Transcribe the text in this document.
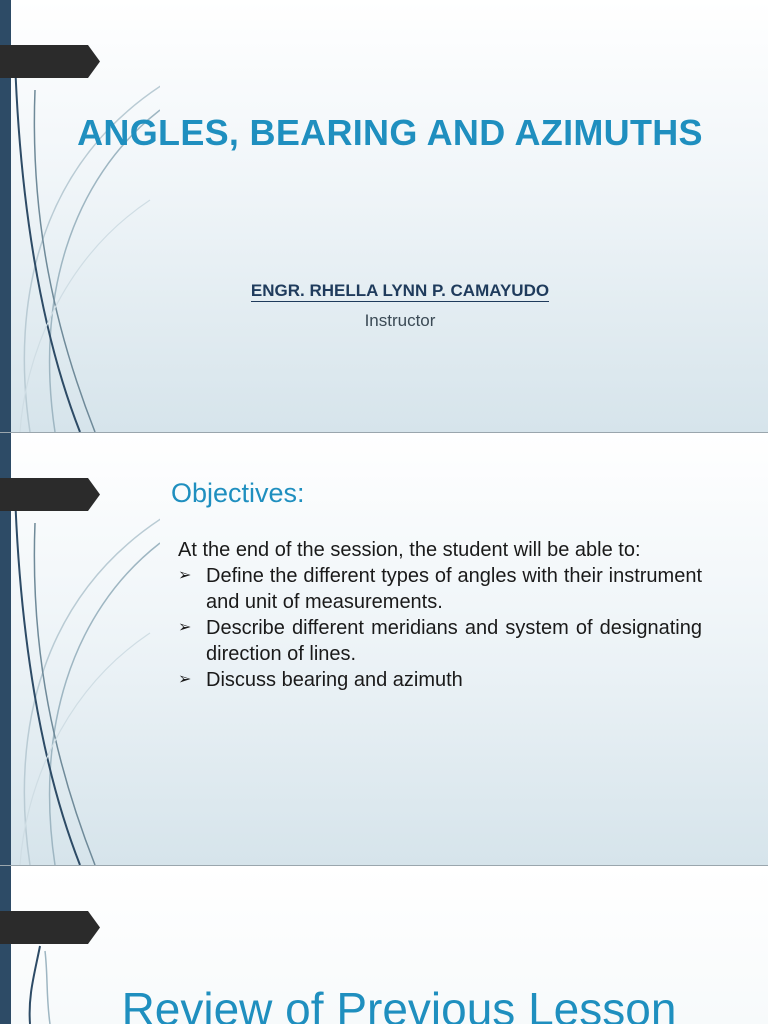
ANGLES, BEARING AND AZIMUTHS
ENGR. RHELLA LYNN P. CAMAYUDO
Instructor
Objectives:

At the end of the session, the student will be able to:

➢ Define the different types of angles with their instrument and unit of measurements.
➢ Describe different meridians and system of designating direction of lines.
➢ Discuss bearing and azimuth
Review of Previous Lesson
